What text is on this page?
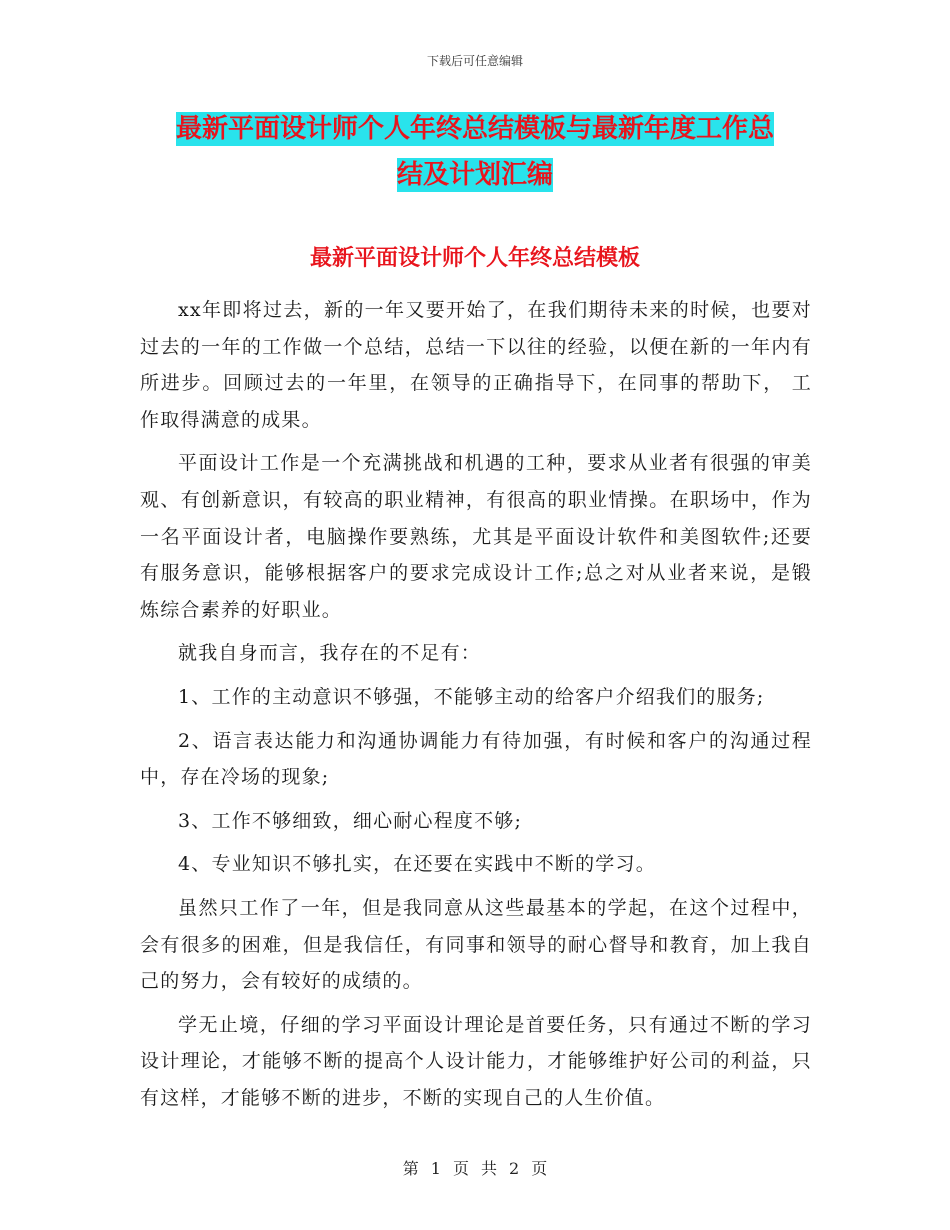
下载后可任意编辑
最新平面设计师个人年终总结模板与最新年度工作总
结及计划汇编
最新平面设计师个人年终总结模板

xx年即将过去，新的一年又要开始了，在我们期待未来的时候，也要对过去的一年的工作做一个总结，总结一下以往的经验，以便在新的一年内有所进步。回顾过去的一年里，在领导的正确指导下，在同事的帮助下， 工作取得满意的成果。

平面设计工作是一个充满挑战和机遇的工种，要求从业者有很强的审美观、有创新意识，有较高的职业精神，有很高的职业情操。在职场中，作为一名平面设计者，电脑操作要熟练，尤其是平面设计软件和美图软件;还要有服务意识，能够根据客户的要求完成设计工作;总之对从业者来说，是锻炼综合素养的好职业。

就我自身而言，我存在的不足有：

1、工作的主动意识不够强，不能够主动的给客户介绍我们的服务;

2、语言表达能力和沟通协调能力有待加强，有时候和客户的沟通过程中，存在冷场的现象;

3、工作不够细致，细心耐心程度不够;

4、专业知识不够扎实，在还要在实践中不断的学习。

虽然只工作了一年，但是我同意从这些最基本的学起，在这个过程中，会有很多的困难，但是我信任，有同事和领导的耐心督导和教育，加上我自己的努力，会有较好的成绩的。

学无止境，仔细的学习平面设计理论是首要任务，只有通过不断的学习设计理论，才能够不断的提高个人设计能力，才能够维护好公司的利益，只有这样，才能够不断的进步，不断的实现自己的人生价值。

第 1 页 共 2 页
